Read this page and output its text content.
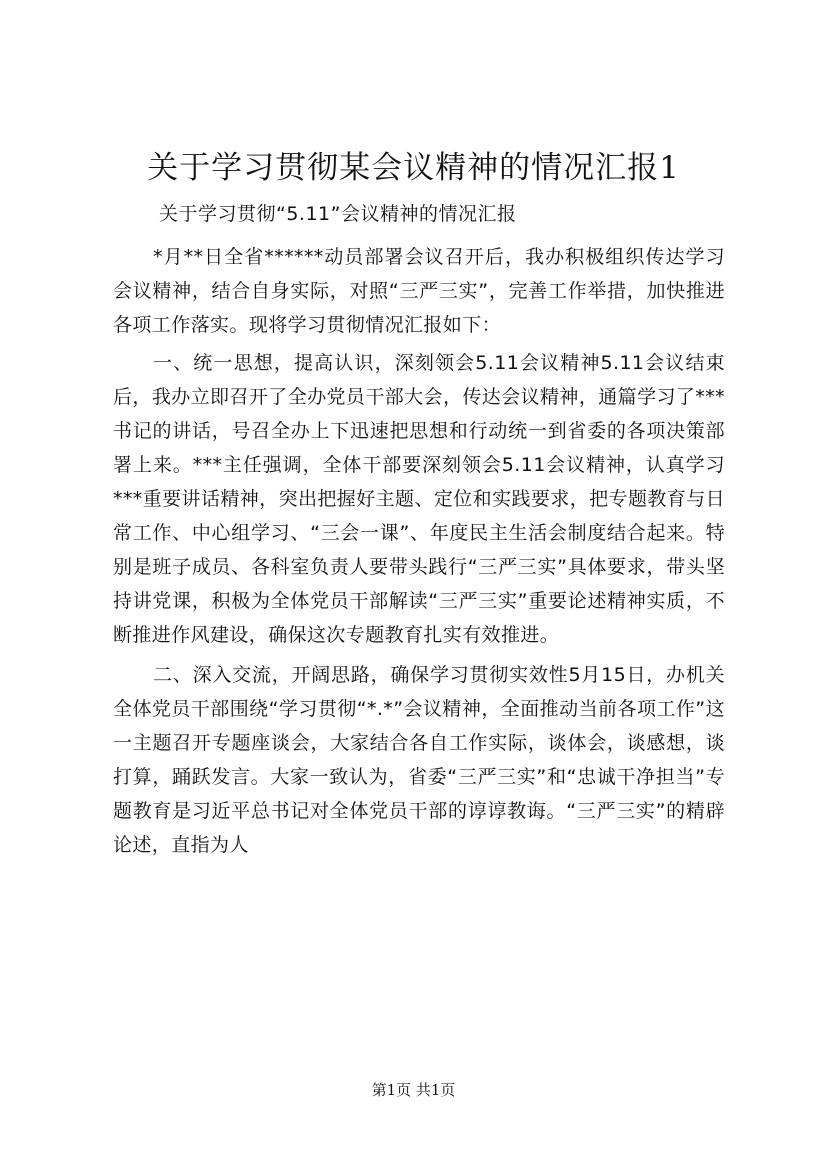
关于学习贯彻某会议精神的情况汇报1

关于学习贯彻“5.11”会议精神的情况汇报

*月**日全省******动员部署会议召开后，我办积极组织传达学习会议精神，结合自身实际，对照“三严三实”，完善工作举措，加快推进各项工作落实。现将学习贯彻情况汇报如下：

一、统一思想，提高认识，深刻领会5.11会议精神5.11会议结束后，我办立即召开了全办党员干部大会，传达会议精神，通篇学习了***书记的讲话，号召全办上下迅速把思想和行动统一到省委的各项决策部署上来。***主任强调，全体干部要深刻领会5.11会议精神，认真学习***重要讲话精神，突出把握好主题、定位和实践要求，把专题教育与日常工作、中心组学习、“三会一课”、年度民主生活会制度结合起来。特别是班子成员、各科室负责人要带头践行“三严三实”具体要求，带头坚持讲党课，积极为全体党员干部解读“三严三实”重要论述精神实质，不断推进作风建设，确保这次专题教育扎实有效推进。

二、深入交流，开阔思路，确保学习贯彻实效性5月15日，办机关全体党员干部围绕“学习贯彻“*.*”会议精神，全面推动当前各项工作”这一主题召开专题座谈会，大家结合各自工作实际，谈体会，谈感想，谈打算，踊跃发言。大家一致认为，省委“三严三实”和“忠诚干净担当”专题教育是习近平总书记对全体党员干部的谆谆教诲。“三严三实”的精辟论述，直指为人

第1页 共1页
